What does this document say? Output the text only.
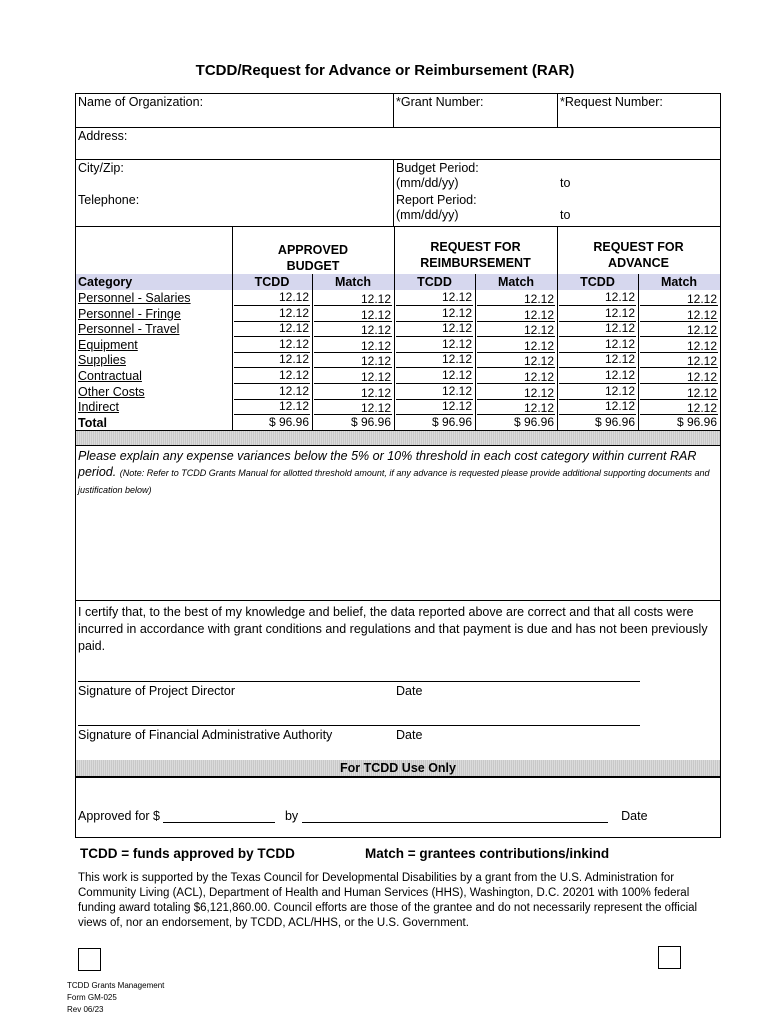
TCDD/Request for Advance or Reimbursement (RAR)
Name of Organization:	*Grant Number:	*Request Number:
Address:
City/Zip:
Telephone:
Budget Period:
(mm/dd/yy)	to
Report Period:
(mm/dd/yy)	to
APPROVED
BUDGET
REQUEST FOR
REIMBURSEMENT
REQUEST FOR
ADVANCE
Category	TCDD	Match	TCDD	Match	TCDD	Match
Personnel - Salaries	12.12	12.12	12.12	12.12	12.12	12.12
Personnel - Fringe	12.12	12.12	12.12	12.12	12.12	12.12
Personnel - Travel	12.12	12.12	12.12	12.12	12.12	12.12
Equipment	12.12	12.12	12.12	12.12	12.12	12.12
Supplies	12.12	12.12	12.12	12.12	12.12	12.12
Contractual	12.12	12.12	12.12	12.12	12.12	12.12
Other Costs	12.12	12.12	12.12	12.12	12.12	12.12
Indirect	12.12	12.12	12.12	12.12	12.12	12.12
Total	$ 96.96	$ 96.96	$ 96.96	$ 96.96	$ 96.96	$ 96.96
Please explain any expense variances below the 5% or 10% threshold in each cost category within current RAR period. (Note: Refer to TCDD Grants Manual for allotted threshold amount, if any advance is requested please provide additional supporting documents and justification below)
I certify that, to the best of my knowledge and belief, the data reported above are correct and that all costs were incurred in accordance with grant conditions and regulations and that payment is due and has not been previously paid.
Signature of Project Director	Date
Signature of Financial Administrative Authority	Date
For TCDD Use Only
Approved for $	by	Date
TCDD = funds approved by TCDD	Match = grantees contributions/inkind
This work is supported by the Texas Council for Developmental Disabilities by a grant from the U.S. Administration for Community Living (ACL), Department of Health and Human Services (HHS), Washington, D.C. 20201 with 100% federal funding award totaling $6,121,860.00. Council efforts are those of the grantee and do not necessarily represent the official views of, nor an endorsement, by TCDD, ACL/HHS, or the U.S. Government.
TCDD Grants Management
Form GM-025
Rev 06/23
